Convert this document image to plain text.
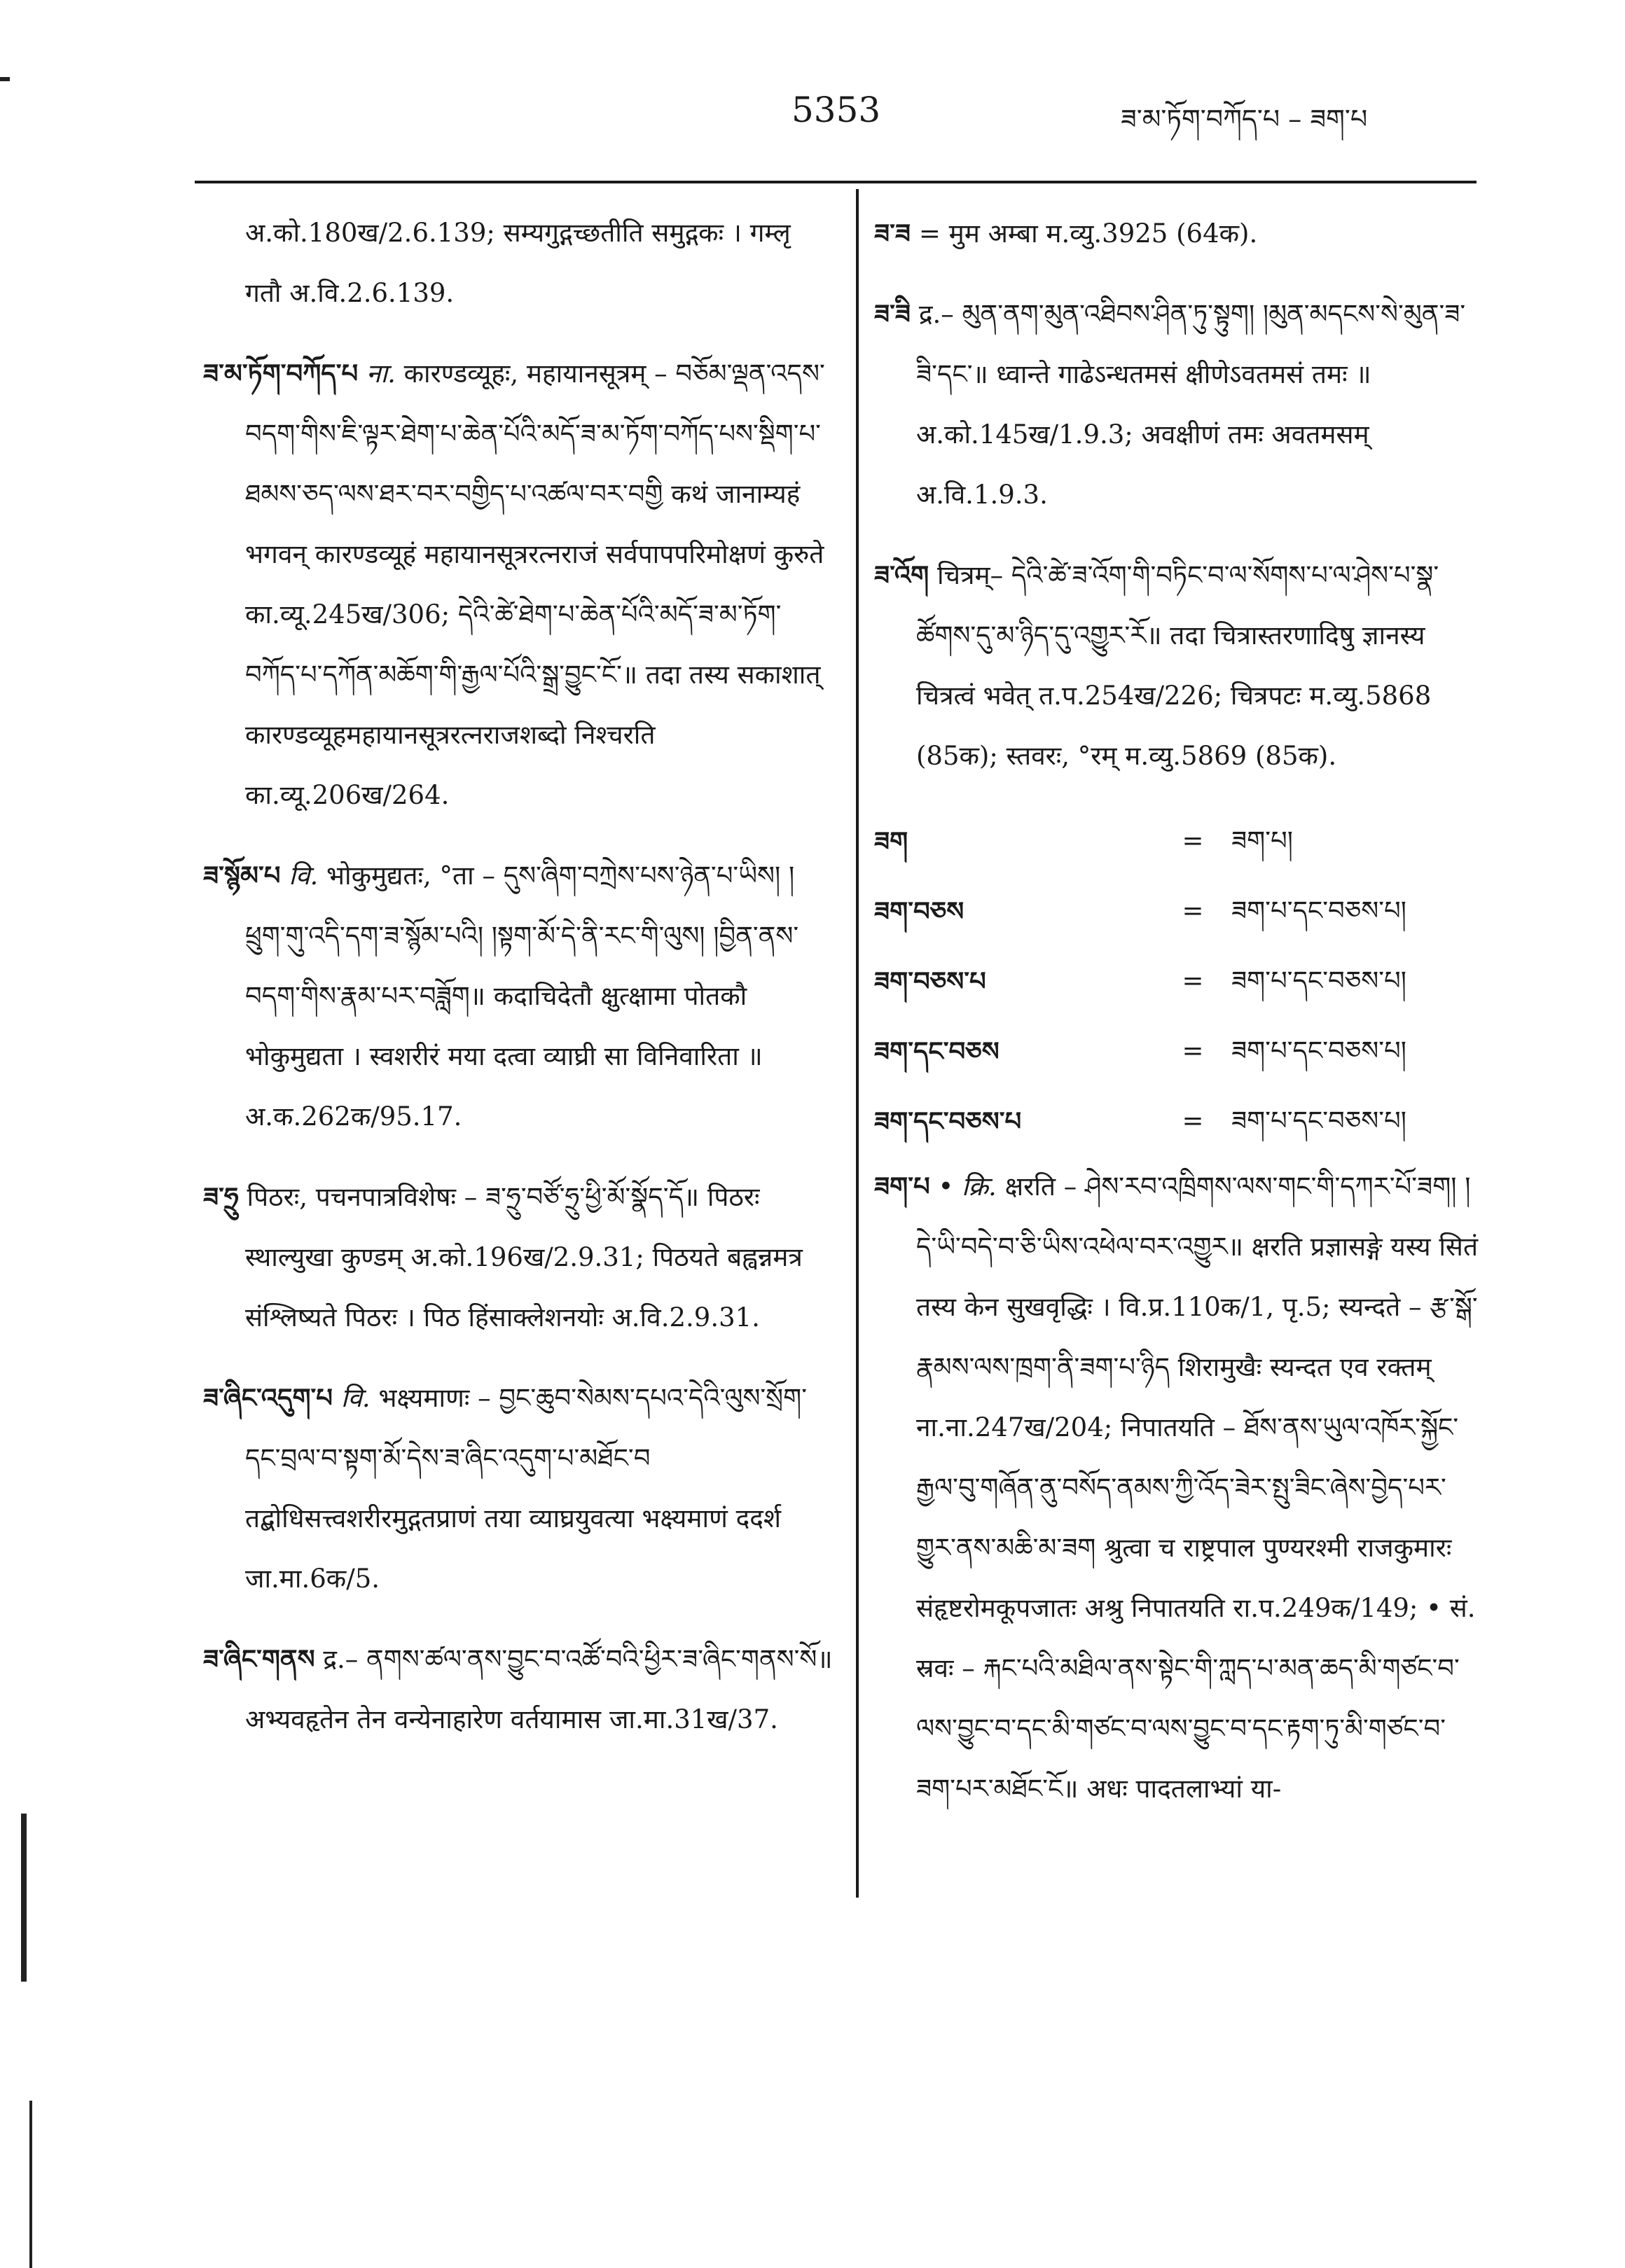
5353	ཟ་མ་ཏོག་བཀོད་པ – ཟག་པ

अ.को.180ख/2.6.139; सम्यगुद्गच्छतीति समुद्गकः । गम्लृ गतौ अ.वि.2.6.139.

ཟ་མ་ཏོག་བཀོད་པ ना. कारण्डव्यूहः, महायानसूत्रम् – བཅོམ་ལྡན་འདས་བདག་གིས་ཇི་ལྟར་ཐེག་པ་ཆེན་པོའི་མདོ་ཟ་མ་ཏོག་བཀོད་པས་སྡིག་པ་ཐམས་ཅད་ལས་ཐར་བར་བགྱིད་པ་འཚལ་བར་བགྱི कथं जानाम्यहं भगवन् कारण्डव्यूहं महायानसूत्ररत्नराजं सर्वपापपरिमोक्षणं कुरुते का.व्यू.245ख/306; དེའི་ཚེ་ཐེག་པ་ཆེན་པོའི་མདོ་ཟ་མ་ཏོག་བཀོད་པ་དཀོན་མཆོག་གི་རྒྱལ་པོའི་སྒྲ་བྱུང་ངོ་॥ तदा तस्य सकाशात् कारण्डव्यूहमहायानसूत्ररत्नराजशब्दो निश्चरति का.व्यू.206ख/264.

ཟ་སྙོམ་པ वि. भोकुमुद्यतः, °ता – དུས་ཞིག་བཀྲེས་པས་ཉེན་པ་ཡིས། །ཕྲུག་གུ་འདི་དག་ཟ་སྙོམ་པའི། །སྟག་མོ་དེ་ནི་རང་གི་ལུས། །བྱིན་ནས་བདག་གིས་རྣམ་པར་བཟློག॥ कदाचिदेतौ क्षुत्क्षामा पोतकौ भोकुमुद्यता । स्वशरीरं मया दत्वा व्याघ्री सा विनिवारिता ॥ अ.क.262क/95.17.

ཟ་ཧྲུ पिठरः, पचनपात्रविशेषः – ཟ་ཧྲུ་བཙོ་ཧྲུ་ཕྱི་མོ་སྣོད་དོ॥ पिठरः स्थाल्युखा कुण्डम् अ.को.196ख/2.9.31; पिठयते बह्वन्नमत्र संश्लिष्यते पिठरः । पिठ हिंसाक्लेशनयोः अ.वि.2.9.31.

ཟ་ཞིང་འདུག་པ वि. भक्ष्यमाणः – བྱང་ཆུབ་སེམས་དཔའ་དེའི་ལུས་སྲོག་དང་བྲལ་བ་སྟག་མོ་དེས་ཟ་ཞིང་འདུག་པ་མཐོང་བ तद्बोधिसत्त्वशरीरमुद्गतप्राणं तया व्याघ्रयुवत्या भक्ष्यमाणं ददर्श जा.मा.6क/5.

ཟ་ཞིང་གནས द्र.– ནགས་ཚལ་ནས་བྱུང་བ་འཚོ་བའི་ཕྱིར་ཟ་ཞིང་གནས་སོ॥ अभ्यवहृतेन तेन वन्येनाहारेण वर्तयामास जा.मा.31ख/37.

ཟ་ཟ = मुम अम्बा म.व्यु.3925 (64क).

ཟ་ཟི द्र.– མུན་ནག་མུན་འཐིབས་ཤིན་ཏུ་སྟུག། །མུན་མདངས་སེ་མུན་ཟ་ཟི་དང་॥ ध्वान्ते गाढेऽन्धतमसं क्षीणेऽवतमसं तमः ॥ अ.को.145ख/1.9.3; अवक्षीणं तमः अवतमसम् अ.वि.1.9.3.

ཟ་འོག चित्रम्– དེའི་ཚེ་ཟ་འོག་གི་བཏིང་བ་ལ་སོགས་པ་ལ་ཤེས་པ་སྣ་ཚོགས་དུ་མ་ཉིད་དུ་འགྱུར་རོ॥ तदा चित्रास्तरणादिषु ज्ञानस्य चित्रत्वं भवेत् त.प.254ख/226; चित्रपटः म.व्यु.5868 (85क); स्तवरः, °रम् म.व्यु.5869 (85क).

ཟག	=	ཟག་པ།
ཟག་བཅས	=	ཟག་པ་དང་བཅས་པ།
ཟག་བཅས་པ	=	ཟག་པ་དང་བཅས་པ།
ཟག་དང་བཅས	=	ཟག་པ་དང་བཅས་པ།
ཟག་དང་བཅས་པ	=	ཟག་པ་དང་བཅས་པ།

ཟག་པ • क्रि. क्षरति – ཤེས་རབ་འཁྲིགས་ལས་གང་གི་དཀར་པོ་ཟག། །དེ་ཡི་བདེ་བ་ཅི་ཡིས་འཕེལ་བར་འགྱུར॥ क्षरति प्रज्ञासङ्गे यस्य सितं तस्य केन सुखवृद्धिः । वि.प्र.110क/1, पृ.5; स्यन्दते – རྩ་སྒོ་རྣམས་ལས་ཁྲག་ནི་ཟག་པ་ཉིད शिरामुखैः स्यन्दत एव रक्तम् ना.ना.247ख/204; निपातयति – ཐོས་ནས་ཡུལ་འཁོར་སྐྱོང་རྒྱལ་བུ་གཞོན་ནུ་བསོད་ནམས་ཀྱི་འོད་ཟེར་སྤུ་ཟིང་ཞེས་བྱེད་པར་གྱུར་ནས་མཆི་མ་ཟག श्रुत्वा च राष्ट्रपाल पुण्यरश्मी राजकुमारः संहृष्टरोमकूपजातः अश्रु निपातयति रा.प.249क/149; • सं. स्रवः – རྐང་པའི་མཐིལ་ནས་སྟེང་གི་ཀླད་པ་མན་ཆད་མི་གཙང་བ་ལས་བྱུང་བ་དང་མི་གཙང་བ་ལས་བྱུང་བ་དང་རྟག་ཏུ་མི་གཙང་བ་ཟག་པར་མཐོང་ངོ॥ अधः पादतलाभ्यां या-
